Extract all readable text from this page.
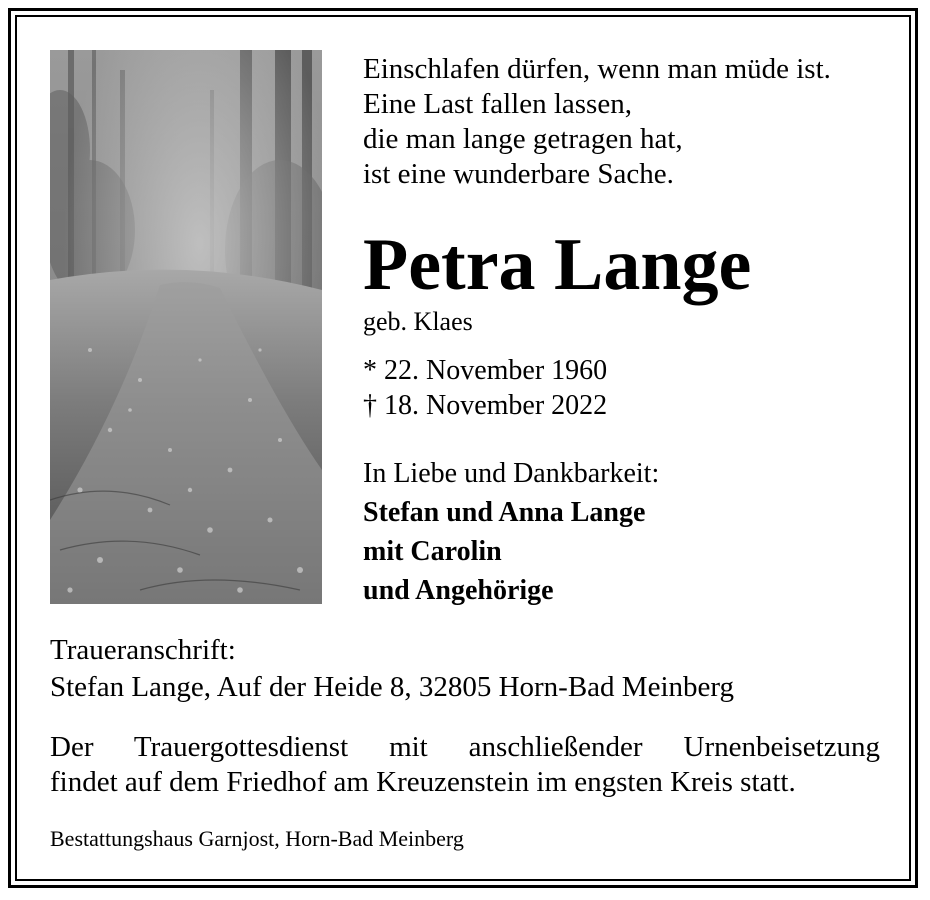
Einschlafen dürfen, wenn man müde ist.
Eine Last fallen lassen,
die man lange getragen hat,
ist eine wunderbare Sache.
Petra Lange
geb. Klaes
* 22. November 1960
† 18. November 2022
In Liebe und Dankbarkeit:
Stefan und Anna Lange
mit Carolin
und Angehörige
Traueranschrift:
Stefan Lange, Auf der Heide 8, 32805 Horn-Bad Meinberg
Der Trauergottesdienst mit anschließender Urnenbeisetzung
findet auf dem Friedhof am Kreuzenstein im engsten Kreis statt.
Bestattungshaus Garnjost, Horn-Bad Meinberg
